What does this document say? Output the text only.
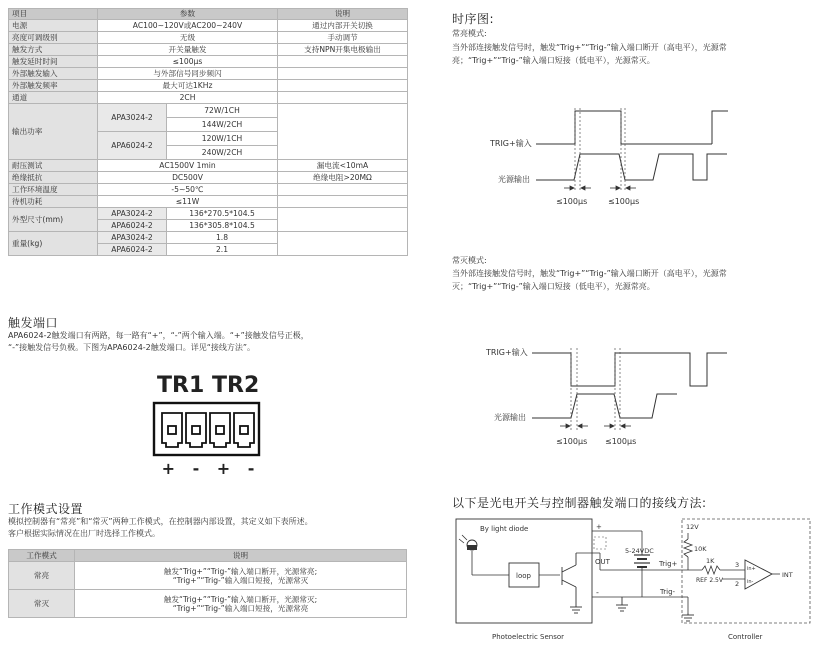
项目	参数		说明
电源	AC100~120V或AC200~240V		通过内部开关切换
亮度可调级别	无级		手动调节
触发方式	开关量触发		支持NPN开集电极输出
触发延时时间	≤100μs		
外部触发输入	与外部信号同步频闪		
外部触发频率	最大可达1KHz		
通道	2CH		
输出功率	APA3024-2	72W/1CH	
		144W/2CH	
	APA6024-2	120W/1CH	
		240W/2CH	
耐压测试	AC1500V 1min		漏电流<10mA
绝缘抵抗	DC500V		绝缘电阻>20MΩ
工作环境温度	-5~50℃		
待机功耗	≤11W		
外型尺寸(mm)	APA3024-2	136*270.5*104.5	
	APA6024-2	136*305.8*104.5	
重量(kg)	APA3024-2	1.8	
	APA6024-2	2.1	
触发端口
APA6024-2触发端口有两路，每一路有“+”，“-”两个输入端。“+”接触发信号正极，
“-”接触发信号负极。下图为APA6024-2触发端口。详见“接线方法”。
TR1 TR2
+ - + -
工作模式设置
模拟控制器有“常亮”和“常灭”两种工作模式，在控制器内部设置，其定义如下表所述。
客户根据实际情况在出厂时选择工作模式。
工作模式	说明
常亮	触发“Trig+”“Trig-”输入端口断开，光源常亮;
“Trig+”“Trig-”输入端口短接，光源常灭
常灭	触发“Trig+”“Trig-”输入端口断开，光源常灭;
“Trig+”“Trig-”输入端口短接，光源常亮
时序图:
常亮模式:
当外部连接触发信号时，触发“Trig+”“Trig-”输入端口断开（高电平），光源常
亮；“Trig+”“Trig-”输入端口短接（低电平），光源常灭。
TRIG+输入
光源输出
≤100μs	≤100μs
常灭模式:
当外部连接触发信号时，触发“Trig+”“Trig-”输入端口断开（高电平），光源常
灭；“Trig+”“Trig-”输入端口短接（低电平），光源常亮。
TRIG+输入
光源输出
≤100μs ≤100μs
以下是光电开关与控制器触发端口的接线方法:
By light diode
loop
+
OUT
-
5-24VDC
Trig+
Trig-
12V
10K
1K	3
REF 2.5V 2
in+
in-
INT
Photoelectric Sensor	Controller
